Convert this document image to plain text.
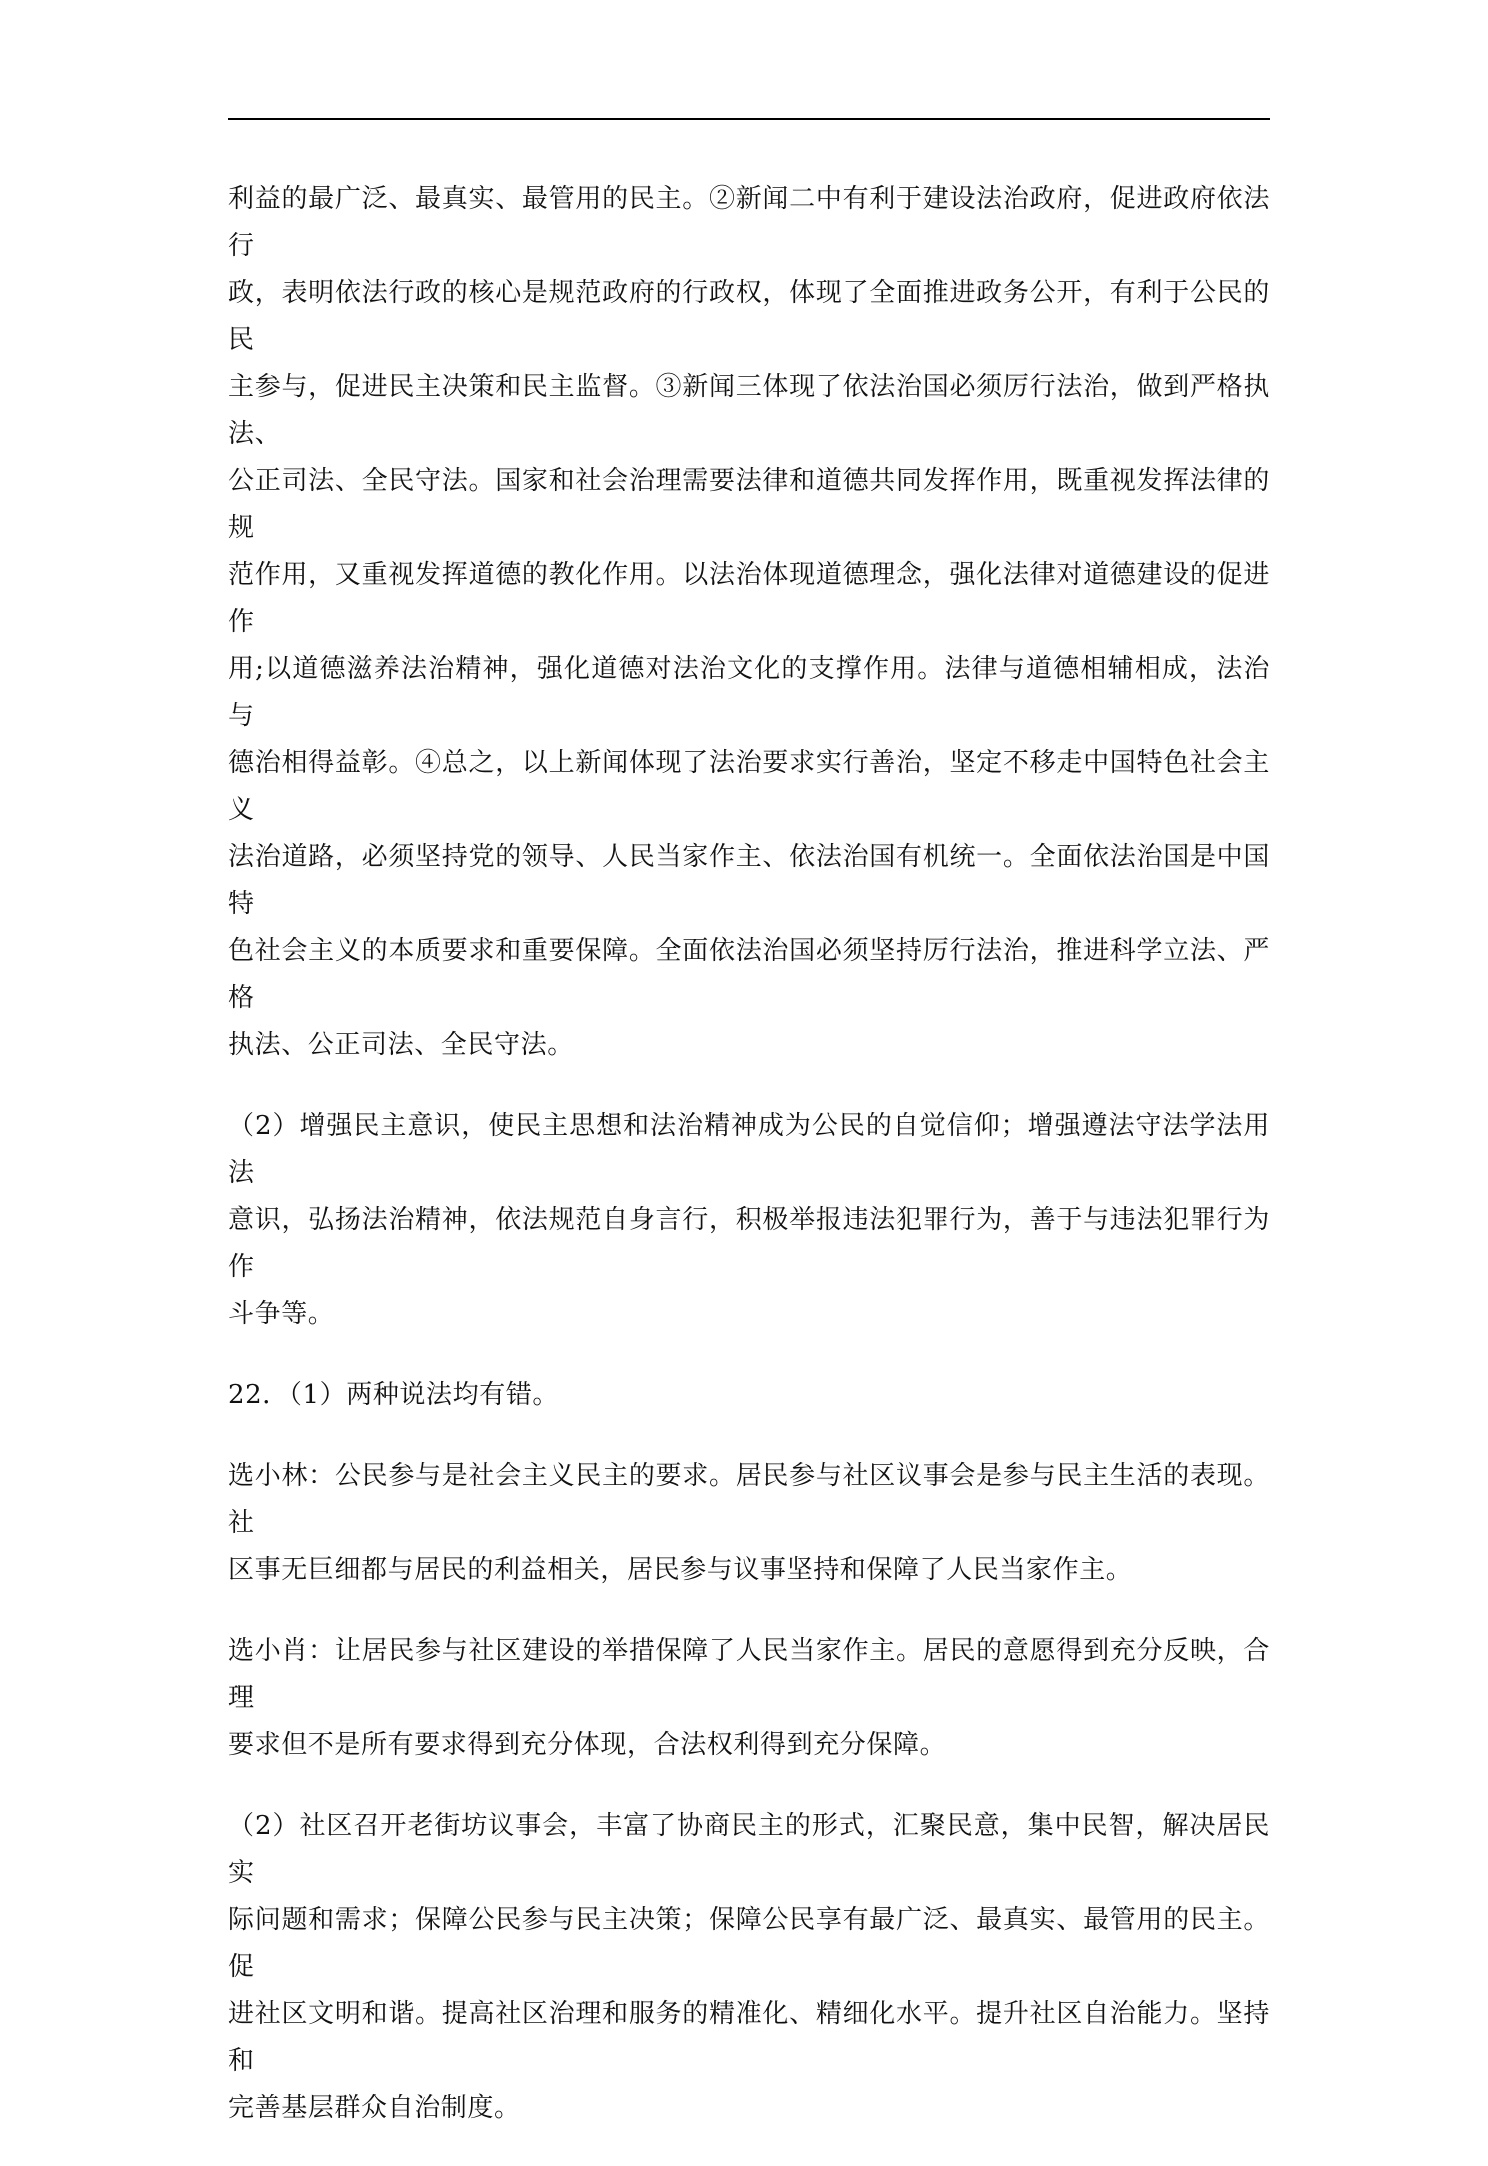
利益的最广泛、最真实、最管用的民主。②新闻二中有利于建设法治政府，促进政府依法行
政，表明依法行政的核心是规范政府的行政权，体现了全面推进政务公开，有利于公民的民
主参与，促进民主决策和民主监督。③新闻三体现了依法治国必须厉行法治，做到严格执法、
公正司法、全民守法。国家和社会治理需要法律和道德共同发挥作用，既重视发挥法律的规
范作用，又重视发挥道德的教化作用。以法治体现道德理念，强化法律对道德建设的促进作
用;以道德滋养法治精神，强化道德对法治文化的支撑作用。法律与道德相辅相成，法治与
德治相得益彰。④总之，以上新闻体现了法治要求实行善治，坚定不移走中国特色社会主义
法治道路，必须坚持党的领导、人民当家作主、依法治国有机统一。全面依法治国是中国特
色社会主义的本质要求和重要保障。全面依法治国必须坚持厉行法治，推进科学立法、严格
执法、公正司法、全民守法。

（2）增强民主意识，使民主思想和法治精神成为公民的自觉信仰；增强遵法守法学法用法
意识，弘扬法治精神，依法规范自身言行，积极举报违法犯罪行为，善于与违法犯罪行为作
斗争等。

22．（1）两种说法均有错。

选小林：公民参与是社会主义民主的要求。居民参与社区议事会是参与民主生活的表现。社
区事无巨细都与居民的利益相关，居民参与议事坚持和保障了人民当家作主。

选小肖：让居民参与社区建设的举措保障了人民当家作主。居民的意愿得到充分反映，合理
要求但不是所有要求得到充分体现，合法权利得到充分保障。

（2）社区召开老街坊议事会，丰富了协商民主的形式，汇聚民意，集中民智，解决居民实
际问题和需求；保障公民参与民主决策；保障公民享有最广泛、最真实、最管用的民主。促
进社区文明和谐。提高社区治理和服务的精准化、精细化水平。提升社区自治能力。坚持和
完善基层群众自治制度。
